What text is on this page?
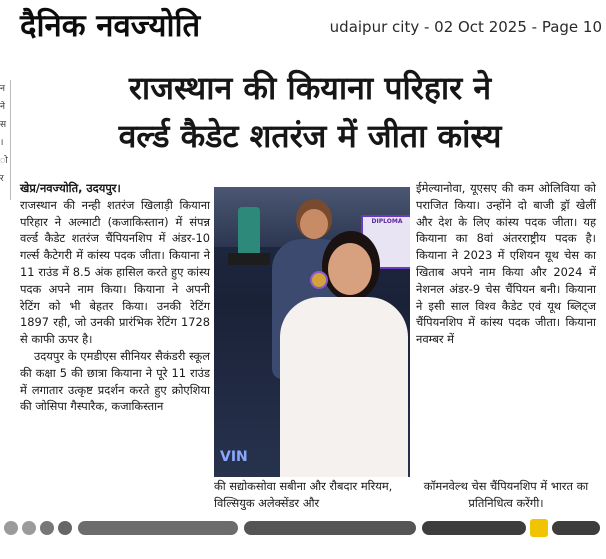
दैनिक नवज्योति	udaipur city - 02 Oct 2025 - Page 10
न
ने
स
।
ो
र
राजस्थान की कियाना परिहार ने
वर्ल्ड कैडेट शतरंज में जीता कांस्य

खेप्र/नवज्योति, उदयपुर।

राजस्थान की नन्ही शतरंज खिलाड़ी कियाना परिहार ने अल्माटी (कजाकिस्तान) में संपन्न वर्ल्ड कैडेट शतरंज चैंपियनशिप में अंडर-10 गर्ल्स कैटेगरी में कांस्य पदक जीता। कियाना ने 11 राउंड में 8.5 अंक हासिल करते हुए कांस्य पदक अपने नाम किया। कियाना ने अपनी रेटिंग को भी बेहतर किया। उनकी रेटिंग 1897 रही, जो उनकी प्रारंभिक रेटिंग 1728 से काफी ऊपर है।

उदयपुर के एमडीएस सीनियर सैकंडरी स्कूल की कक्षा 5 की छात्रा कियाना ने पूरे 11 राउंड में लगातार उत्कृष्ट प्रदर्शन करते हुए क्रोएशिया की जोसिपा गैस्पारैक, कजाकिस्तान

DIPLOMA
VIN

की सद्योकसोवा सबीना और रौबदार मरियम, विल्सियुक अलेक्सेंडर और

ईमेल्यानोवा, यूएसए की कम ओलिविया को पराजित किया। उन्होंने दो बाजी ड्रॉ खेलीं और देश के लिए कांस्य पदक जीता। यह कियाना का 8वां अंतरराष्ट्रीय पदक है। कियाना ने 2023 में एशियन यूथ चेस का खिताब अपने नाम किया और 2024 में नेशनल अंडर-9 चेस चैंपियन बनी। कियाना ने इसी साल विश्व कैडेट एवं यूथ ब्लिट्ज चैंपियनशिप में कांस्य पदक जीता। कियाना नवम्बर में

कॉमनवेल्थ चेस चैंपियनशिप में भारत का प्रतिनिधित्व करेंगी।
